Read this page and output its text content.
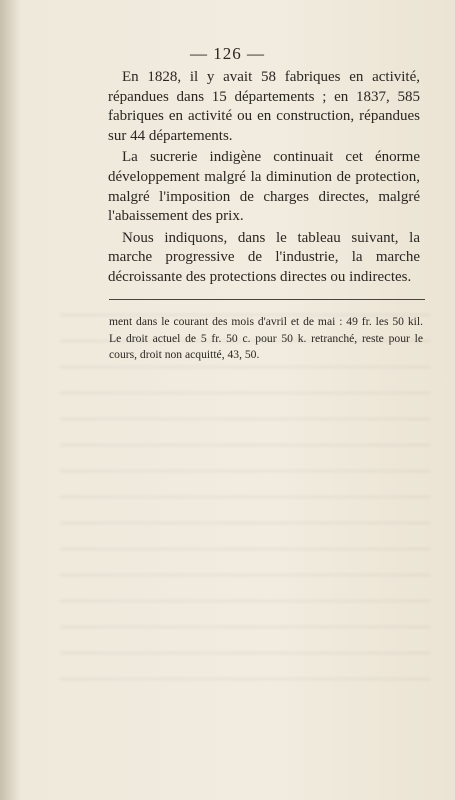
— 126 —

En 1828, il y avait 58 fabriques en activité, répandues dans 15 départements ; en 1837, 585 fabriques en activité ou en construction, répandues sur 44 départements.

La sucrerie indigène continuait cet énorme développement malgré la diminution de protection, malgré l'imposition de charges directes, malgré l'abaissement des prix.

Nous indiquons, dans le tableau suivant, la marche progressive de l'industrie, la marche décroissante des protections directes ou indirectes.

ment dans le courant des mois d'avril et de mai : 49 fr. les 50 kil. Le droit actuel de 5 fr. 50 c. pour 50 k. retranché, reste pour le cours, droit non acquitté, 43, 50.
